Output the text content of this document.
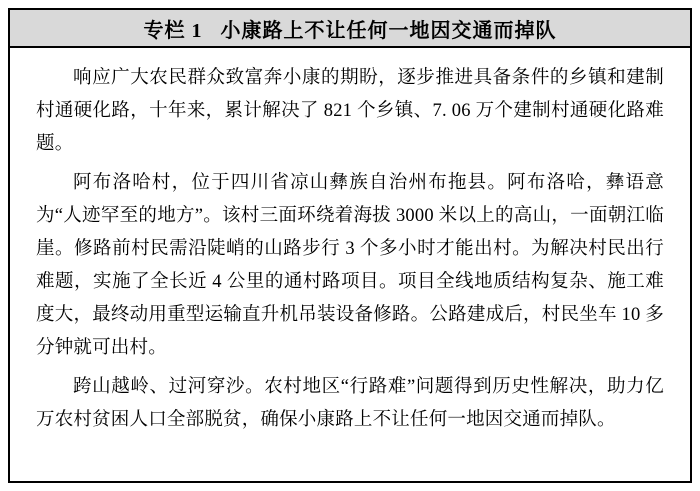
专栏 1   小康路上不让任何一地因交通而掉队

响应广大农民群众致富奔小康的期盼，逐步推进具备条件的乡镇和建制村通硬化路，十年来，累计解决了 821 个乡镇、7. 06 万个建制村通硬化路难题。

阿布洛哈村，位于四川省凉山彝族自治州布拖县。阿布洛哈，彝语意为“人迹罕至的地方”。该村三面环绕着海拔 3000 米以上的高山，一面朝江临崖。修路前村民需沿陡峭的山路步行 3 个多小时才能出村。为解决村民出行难题，实施了全长近 4 公里的通村路项目。项目全线地质结构复杂、施工难度大，最终动用重型运输直升机吊装设备修路。公路建成后，村民坐车 10 多分钟就可出村。

跨山越岭、过河穿沙。农村地区“行路难”问题得到历史性解决，助力亿万农村贫困人口全部脱贫，确保小康路上不让任何一地因交通而掉队。
